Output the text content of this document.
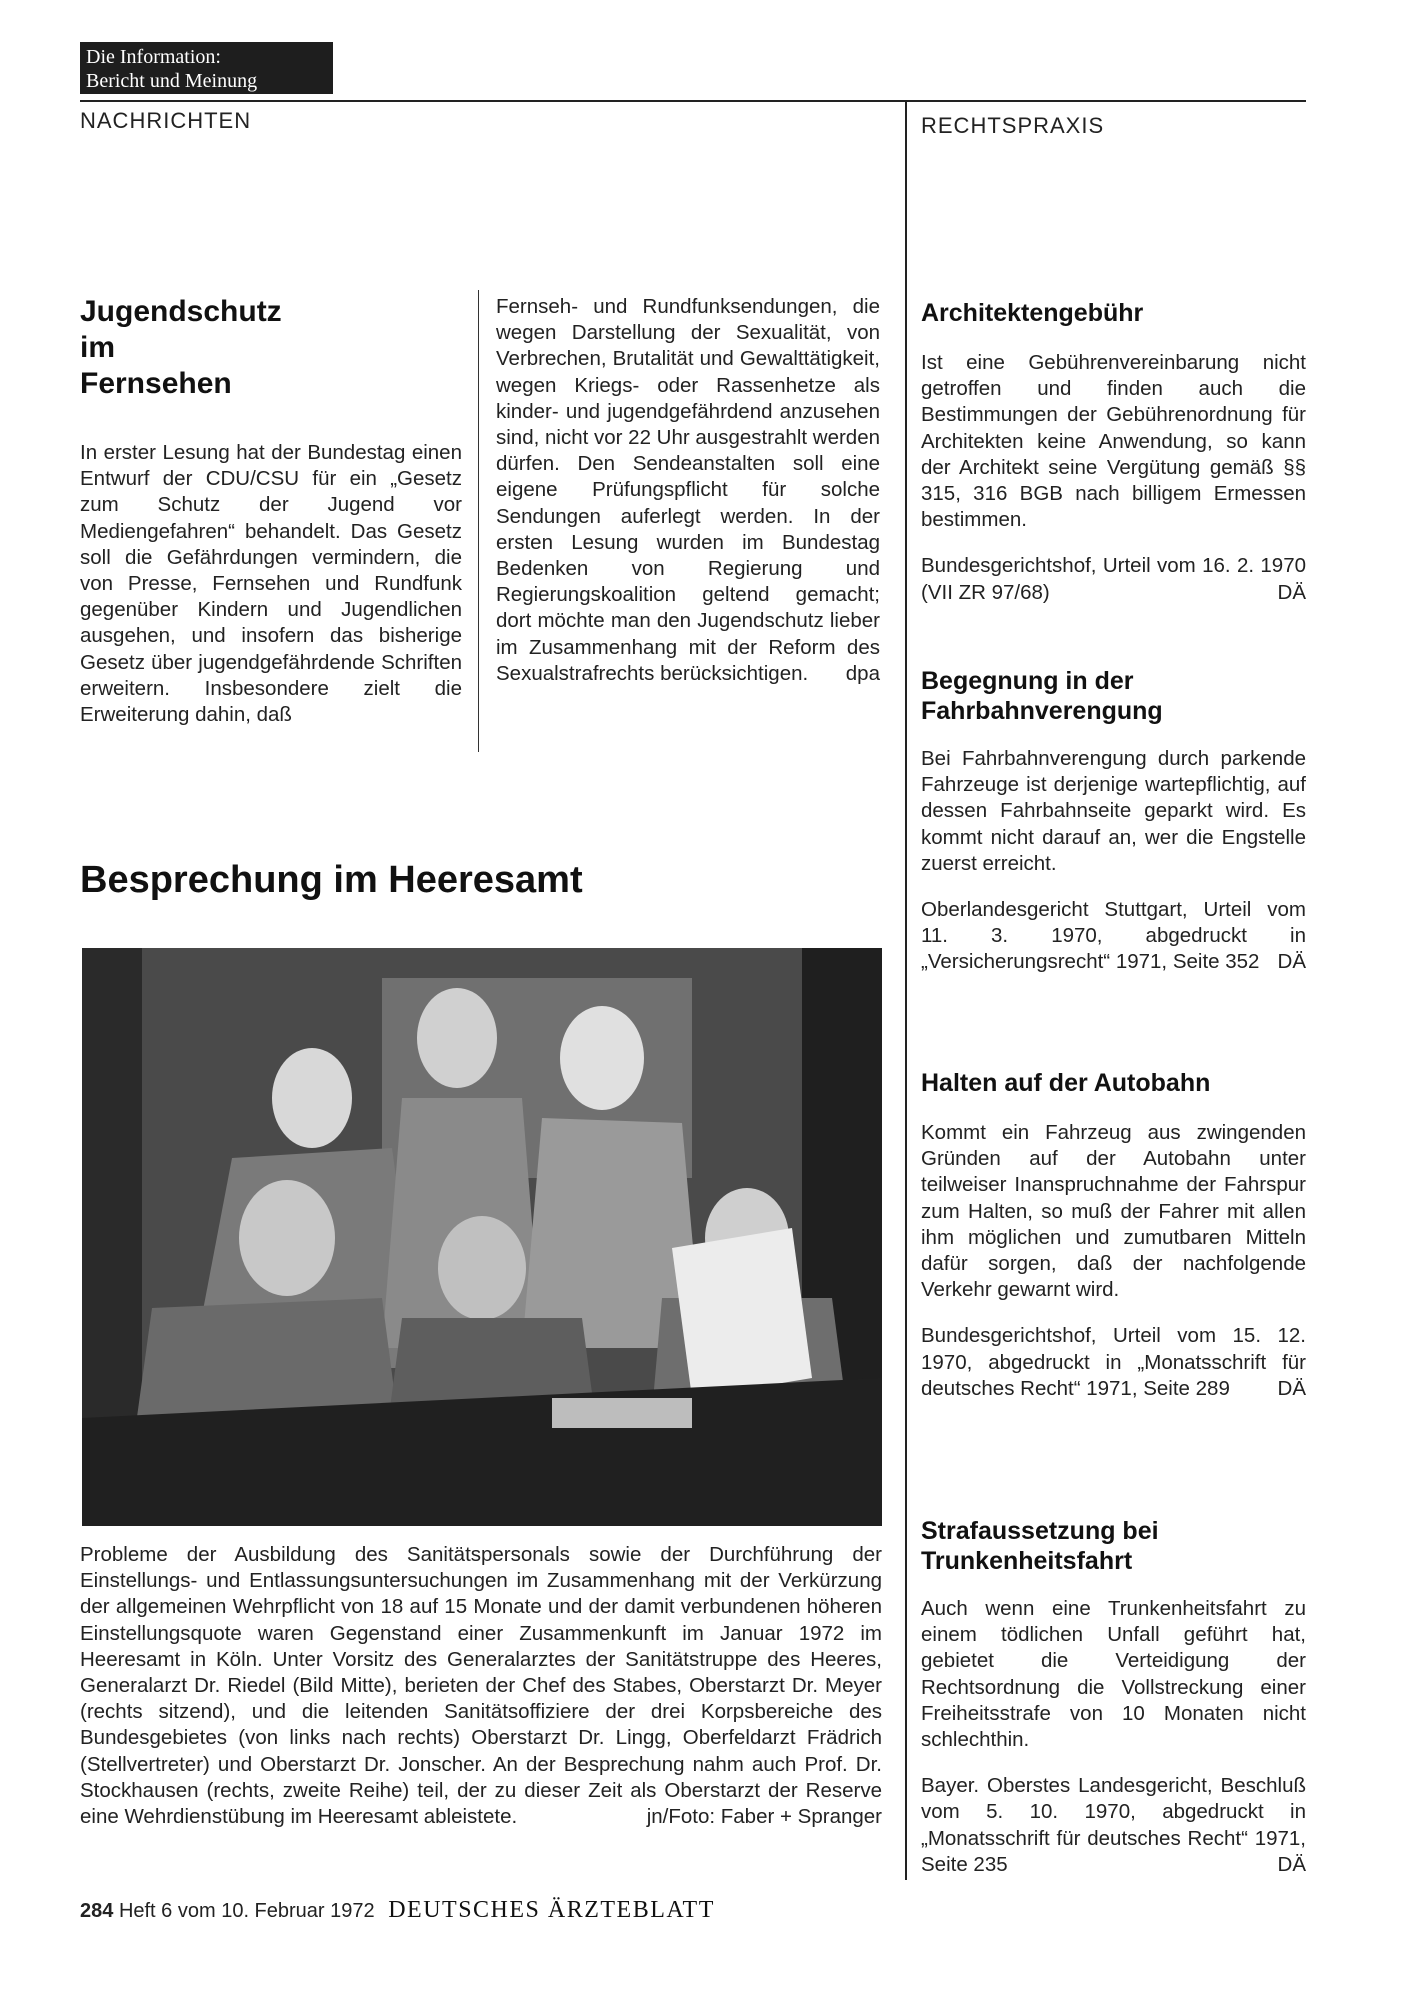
Die Information:
Bericht und Meinung
NACHRICHTEN	RECHTSPRAXIS
Jugendschutz
im
Fernsehen
In erster Lesung hat der Bundestag einen Entwurf der CDU/CSU für ein „Gesetz zum Schutz der Jugend vor Mediengefahren“ behandelt. Das Gesetz soll die Gefährdungen vermindern, die von Presse, Fernsehen und Rundfunk gegenüber Kindern und Jugendlichen ausgehen, und insofern das bisherige Gesetz über jugendgefährdende Schriften erweitern. Insbesondere zielt die Erweiterung dahin, daß
Fernseh- und Rundfunksendungen, die wegen Darstellung der Sexualität, von Verbrechen, Brutalität und Gewalttätigkeit, wegen Kriegs- oder Rassenhetze als kinder- und jugendgefährdend anzusehen sind, nicht vor 22 Uhr ausgestrahlt werden dürfen. Den Sendeanstalten soll eine eigene Prüfungspflicht für solche Sendungen auferlegt werden. In der ersten Lesung wurden im Bundestag Bedenken von Regierung und Regierungskoalition geltend gemacht; dort möchte man den Jugendschutz lieber im Zusammenhang mit der Reform des Sexualstrafrechts berücksichtigen. dpa
Besprechung im Heeresamt
Probleme der Ausbildung des Sanitätspersonals sowie der Durchführung der Einstellungs- und Entlassungsuntersuchungen im Zusammenhang mit der Verkürzung der allgemeinen Wehrpflicht von 18 auf 15 Monate und der damit verbundenen höheren Einstellungsquote waren Gegenstand einer Zusammenkunft im Januar 1972 im Heeresamt in Köln. Unter Vorsitz des Generalarztes der Sanitätstruppe des Heeres, Generalarzt Dr. Riedel (Bild Mitte), berieten der Chef des Stabes, Oberstarzt Dr. Meyer (rechts sitzend), und die leitenden Sanitätsoffiziere der drei Korpsbereiche des Bundesgebietes (von links nach rechts) Oberstarzt Dr. Lingg, Oberfeldarzt Frädrich (Stellvertreter) und Oberstarzt Dr. Jonscher. An der Besprechung nahm auch Prof. Dr. Stockhausen (rechts, zweite Reihe) teil, der zu dieser Zeit als Oberstarzt der Reserve eine Wehrdienstübung im Heeresamt ableistete.	jn/Foto: Faber + Spranger
Architektengebühr
Ist eine Gebührenvereinbarung nicht getroffen und finden auch die Bestimmungen der Gebührenordnung für Architekten keine Anwendung, so kann der Architekt seine Vergütung gemäß §§ 315, 316 BGB nach billigem Ermessen bestimmen.
Bundesgerichtshof, Urteil vom 16. 2. 1970 (VII ZR 97/68)	DÄ
Begegnung in der Fahrbahnverengung
Bei Fahrbahnverengung durch parkende Fahrzeuge ist derjenige wartepflichtig, auf dessen Fahrbahnseite geparkt wird. Es kommt nicht darauf an, wer die Engstelle zuerst erreicht.
Oberlandesgericht Stuttgart, Urteil vom 11. 3. 1970, abgedruckt in „Versicherungsrecht“ 1971, Seite 352 DÄ
Halten auf der Autobahn
Kommt ein Fahrzeug aus zwingenden Gründen auf der Autobahn unter teilweiser Inanspruchnahme der Fahrspur zum Halten, so muß der Fahrer mit allen ihm möglichen und zumutbaren Mitteln dafür sorgen, daß der nachfolgende Verkehr gewarnt wird.
Bundesgerichtshof, Urteil vom 15. 12. 1970, abgedruckt in „Monatsschrift für deutsches Recht“ 1971, Seite 289 DÄ
Strafaussetzung bei Trunkenheitsfahrt
Auch wenn eine Trunkenheitsfahrt zu einem tödlichen Unfall geführt hat, gebietet die Verteidigung der Rechtsordnung die Vollstreckung einer Freiheitsstrafe von 10 Monaten nicht schlechthin.
Bayer. Oberstes Landesgericht, Beschluß vom 5. 10. 1970, abgedruckt in „Monatsschrift für deutsches Recht“ 1971, Seite 235	DÄ
284 Heft 6 vom 10. Februar 1972 DEUTSCHES ÄRZTEBLATT
